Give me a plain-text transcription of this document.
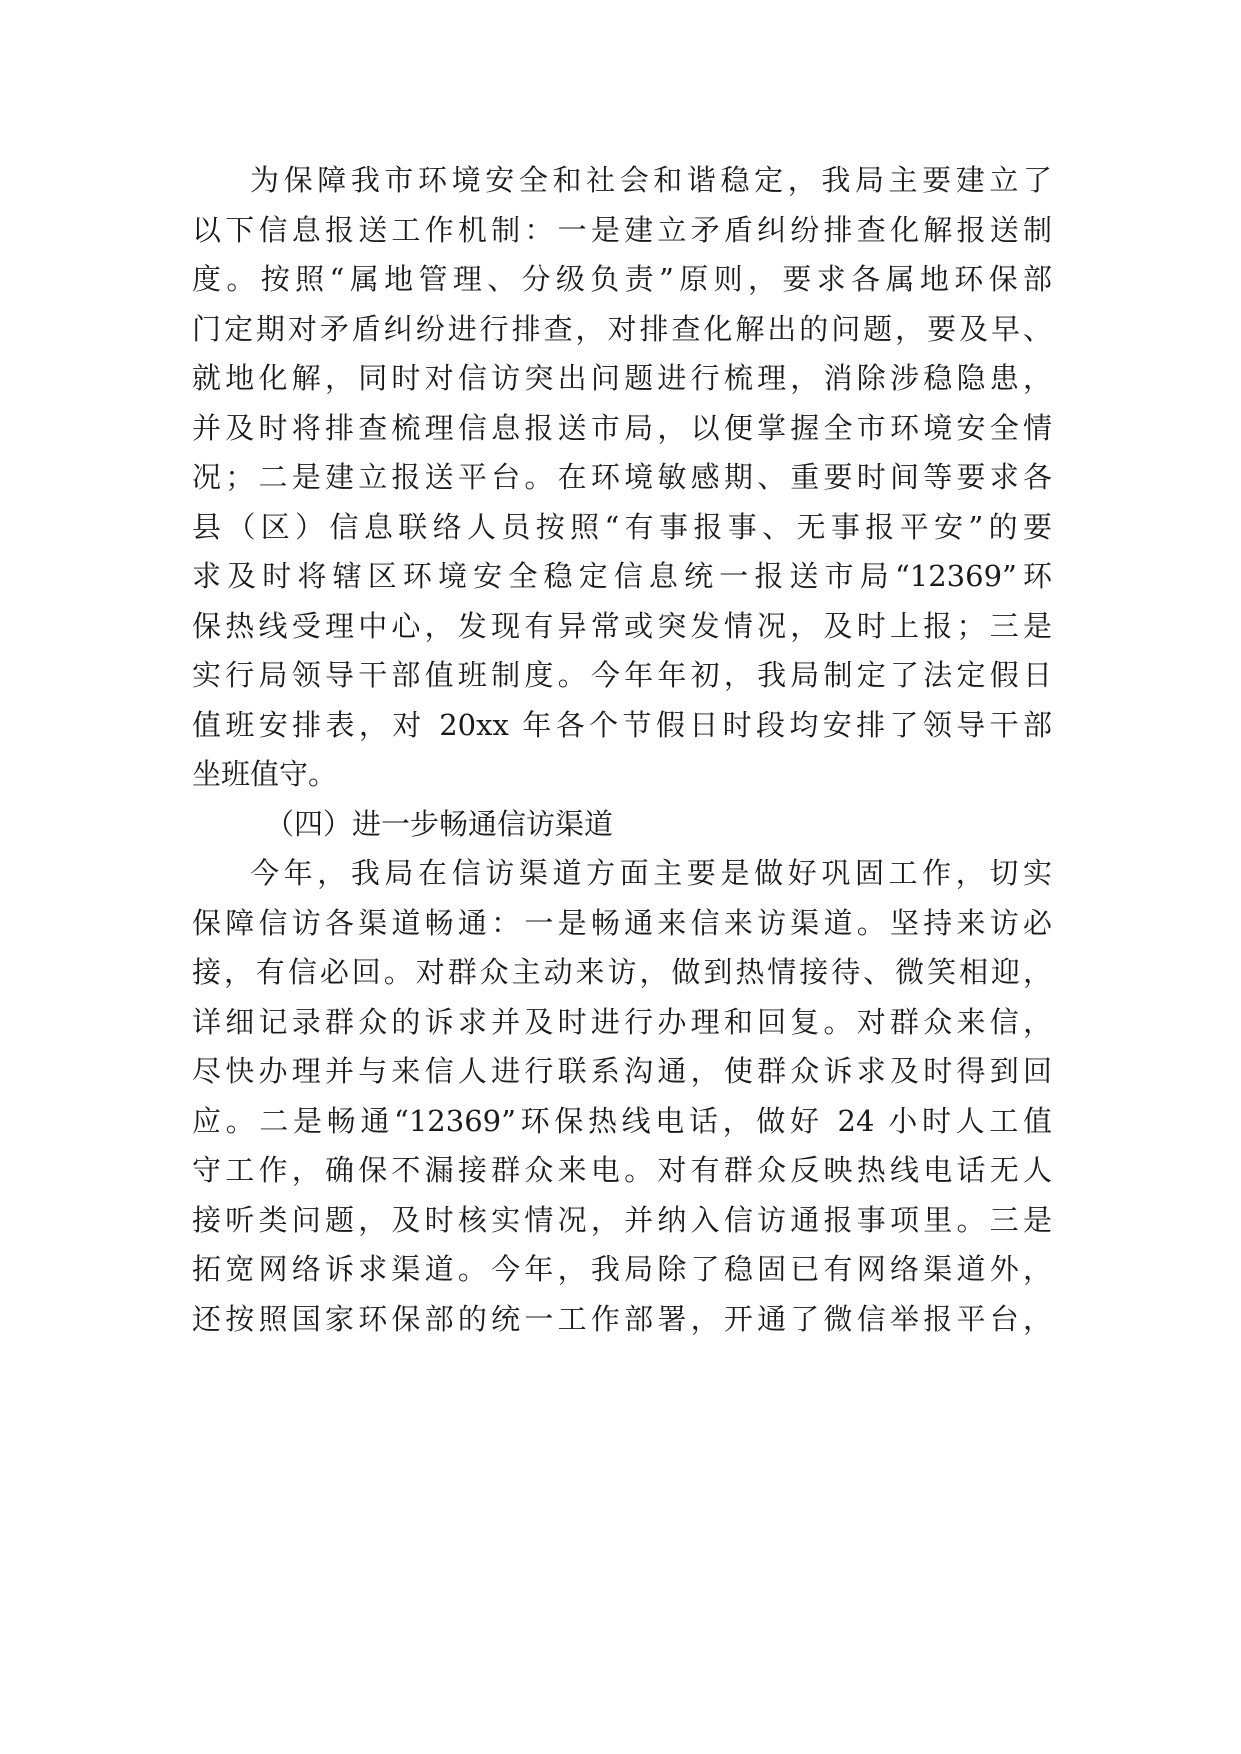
为保障我市环境安全和社会和谐稳定，我局主要建立了
以下信息报送工作机制：一是建立矛盾纠纷排查化解报送制
度。按照“属地管理、分级负责”原则，要求各属地环保部
门定期对矛盾纠纷进行排查，对排查化解出的问题，要及早、
就地化解，同时对信访突出问题进行梳理，消除涉稳隐患，
并及时将排查梳理信息报送市局，以便掌握全市环境安全情
况；二是建立报送平台。在环境敏感期、重要时间等要求各
县（区）信息联络人员按照“有事报事、无事报平安”的要
求及时将辖区环境安全稳定信息统一报送市局“12369”环
保热线受理中心，发现有异常或突发情况，及时上报；三是
实行局领导干部值班制度。今年年初，我局制定了法定假日
值班安排表，对 20xx 年各个节假日时段均安排了领导干部
坐班值守。
（四）进一步畅通信访渠道
今年，我局在信访渠道方面主要是做好巩固工作，切实
保障信访各渠道畅通：一是畅通来信来访渠道。坚持来访必
接，有信必回。对群众主动来访，做到热情接待、微笑相迎，
详细记录群众的诉求并及时进行办理和回复。对群众来信，
尽快办理并与来信人进行联系沟通，使群众诉求及时得到回
应。二是畅通“12369”环保热线电话，做好 24 小时人工值
守工作，确保不漏接群众来电。对有群众反映热线电话无人
接听类问题，及时核实情况，并纳入信访通报事项里。三是
拓宽网络诉求渠道。今年，我局除了稳固已有网络渠道外，
还按照国家环保部的统一工作部署，开通了微信举报平台，
